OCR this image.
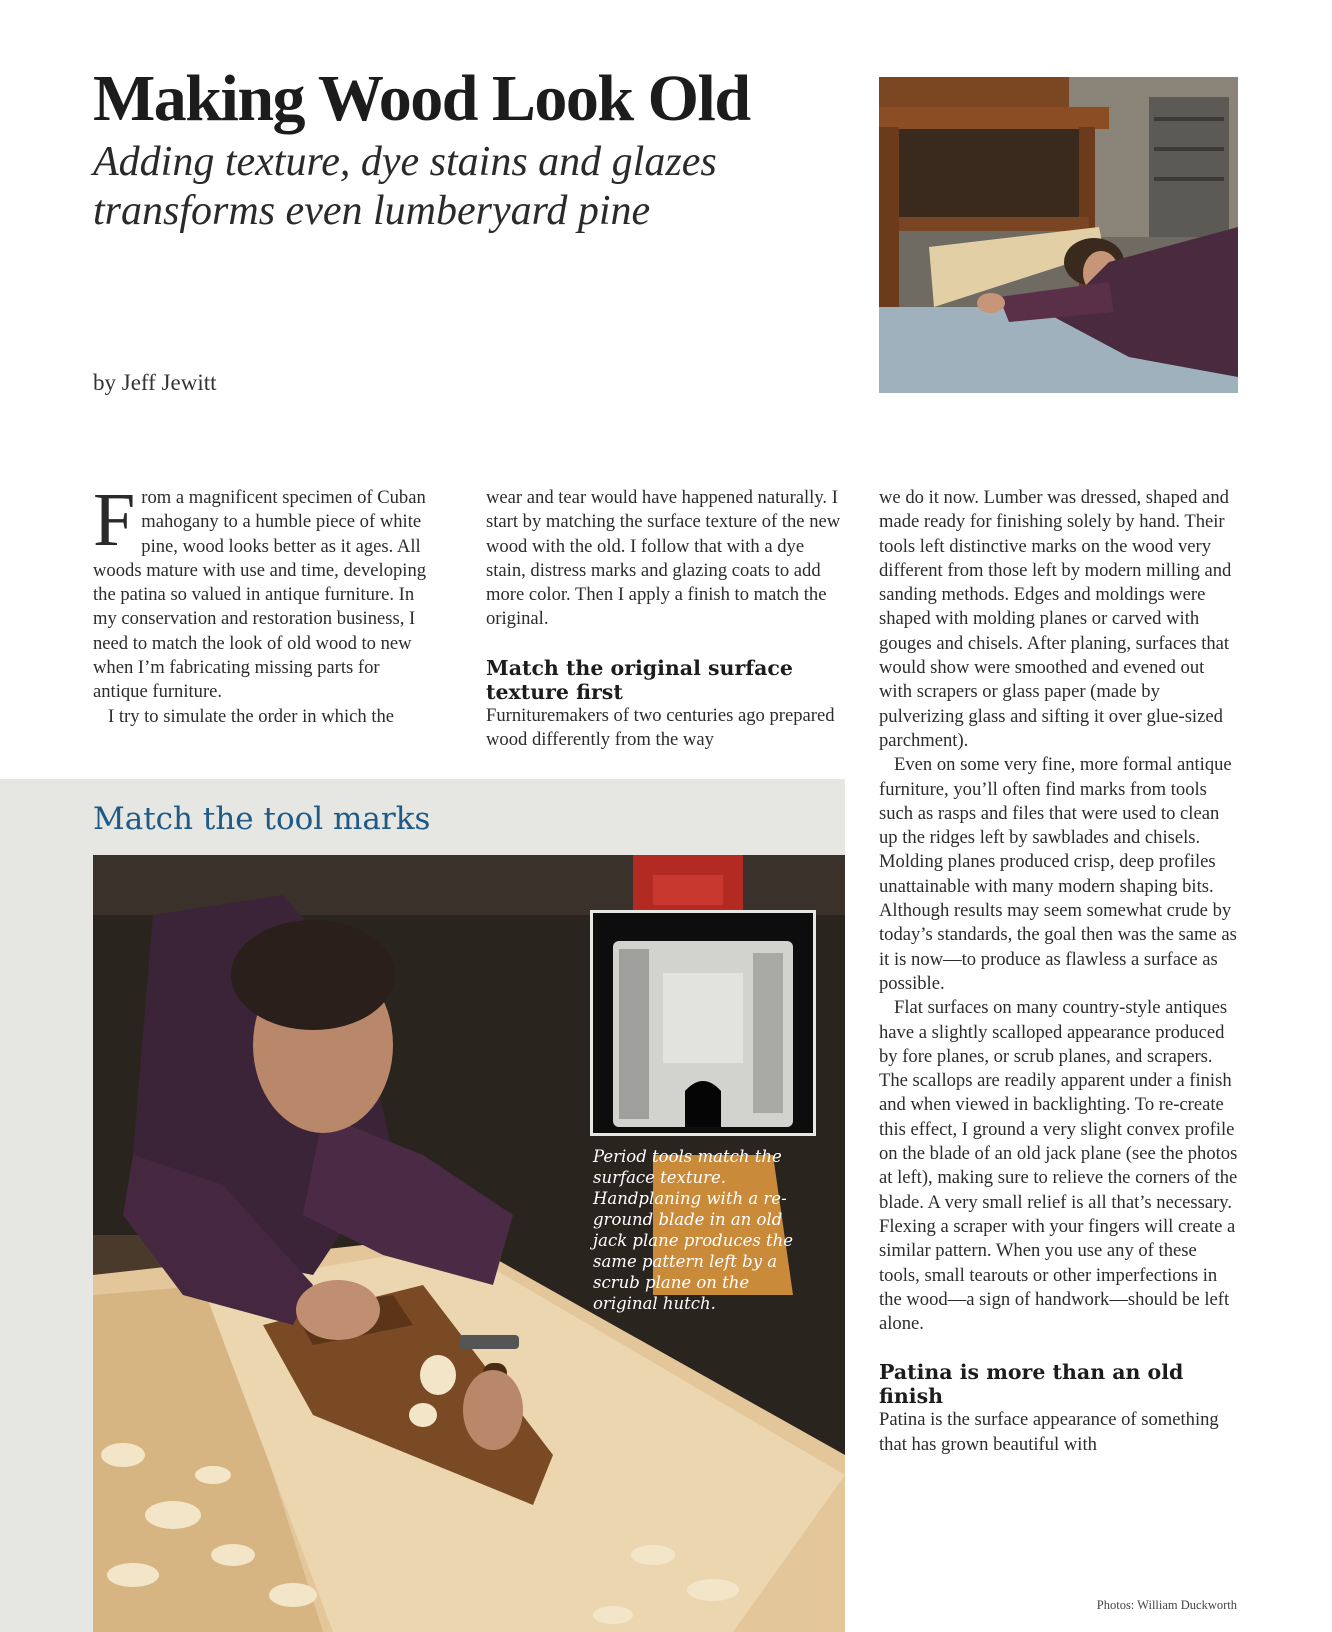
Making Wood Look Old
Adding texture, dye stains and glazes transforms even lumberyard pine
by Jeff Jewitt

From a magnificent specimen of Cuban mahogany to a humble piece of white pine, wood looks better as it ages. All woods mature with use and time, developing the patina so valued in antique furniture. In my conservation and restoration business, I need to match the look of old wood to new when I’m fabricating missing parts for antique furniture.

I try to simulate the order in which the

wear and tear would have happened naturally. I start by matching the surface texture of the new wood with the old. I follow that with a dye stain, distress marks and glazing coats to add more color. Then I apply a finish to match the original.

Match the original surface texture first

Furnituremakers of two centuries ago prepared wood differently from the way

we do it now. Lumber was dressed, shaped and made ready for finishing solely by hand. Their tools left distinctive marks on the wood very different from those left by modern milling and sanding methods. Edges and moldings were shaped with molding planes or carved with gouges and chisels. After planing, surfaces that would show were smoothed and evened out with scrapers or glass paper (made by pulverizing glass and sifting it over glue-sized parchment).

Even on some very fine, more formal antique furniture, you’ll often find marks from tools such as rasps and files that were used to clean up the ridges left by sawblades and chisels. Molding planes produced crisp, deep profiles unattainable with many modern shaping bits. Although results may seem somewhat crude by today’s standards, the goal then was the same as it is now—to produce as flawless a surface as possible.

Flat surfaces on many country-style antiques have a slightly scalloped appearance produced by fore planes, or scrub planes, and scrapers. The scallops are readily apparent under a finish and when viewed in backlighting. To re-create this effect, I ground a very slight convex profile on the blade of an old jack plane (see the photos at left), making sure to relieve the corners of the blade. A very small relief is all that’s necessary. Flexing a scraper with your fingers will create a similar pattern. When you use any of these tools, small tearouts or other imperfections in the wood—a sign of handwork—should be left alone.

Patina is more than an old finish

Patina is the surface appearance of something that has grown beautiful with

Match the tool marks
Period tools match the surface texture. Handplaning with a re-ground blade in an old jack plane produces the same pattern left by a scrub plane on the original hutch.
Photos: William Duckworth
